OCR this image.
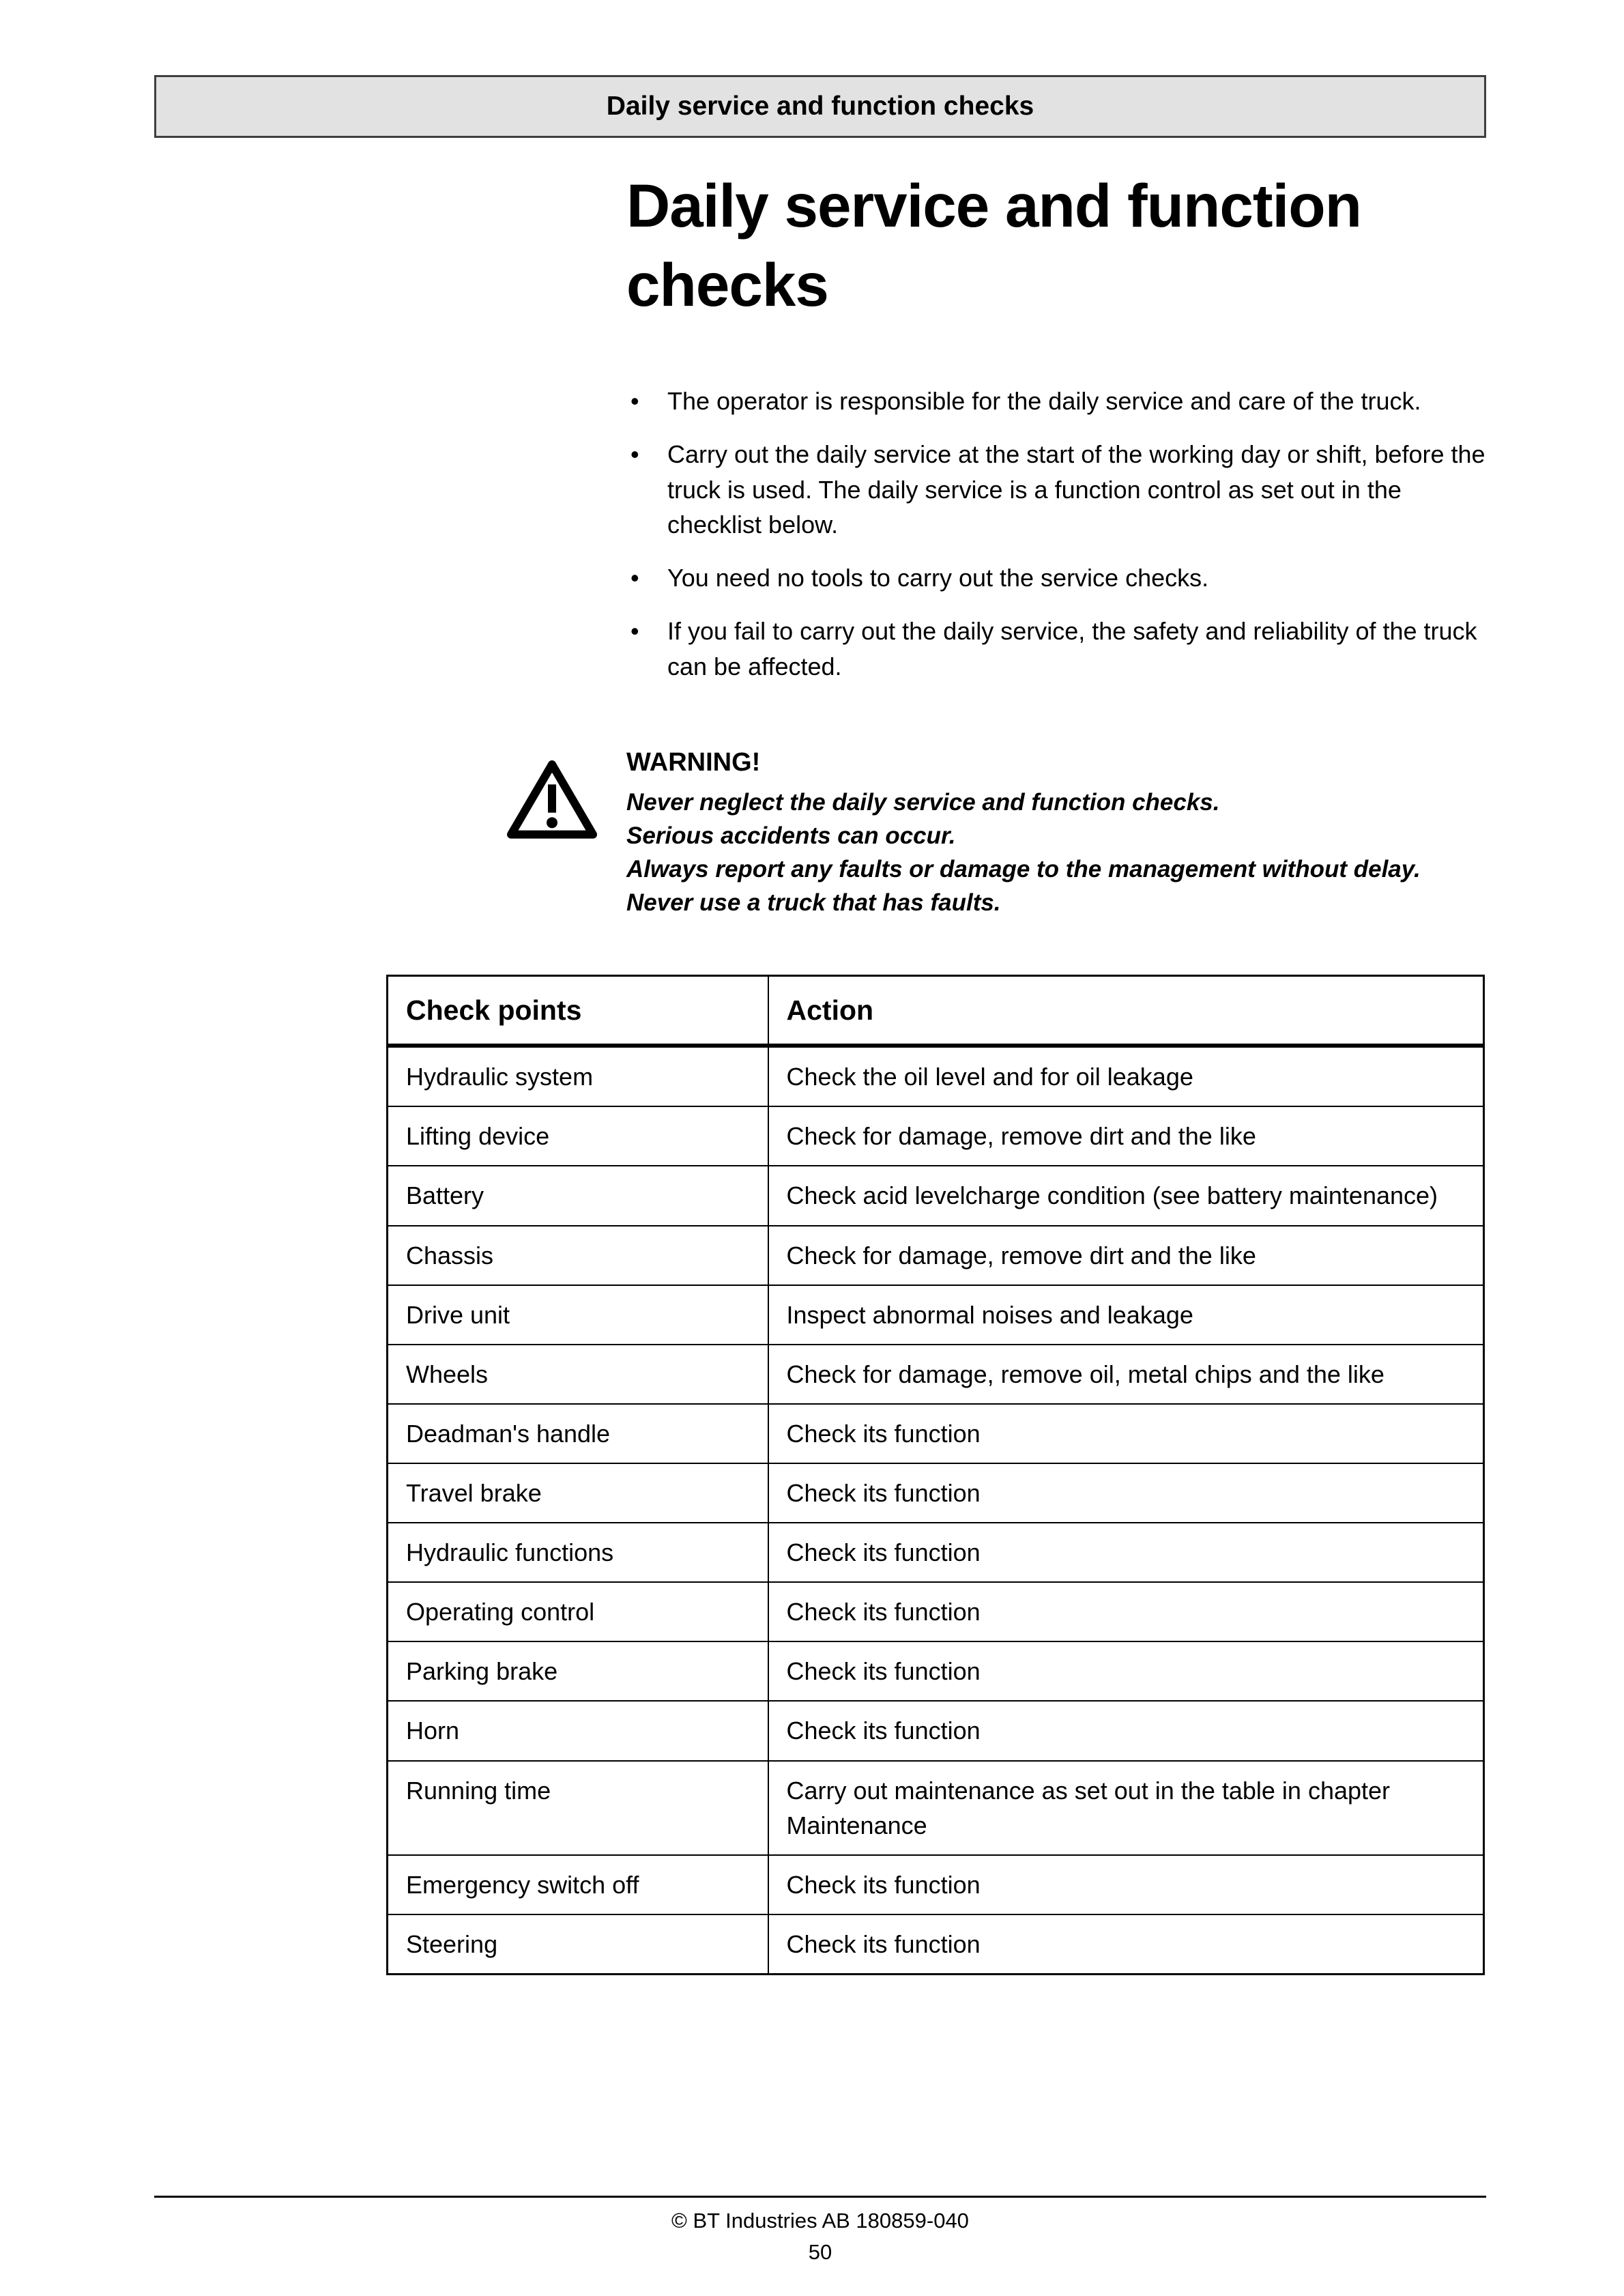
Daily service and function checks
Daily service and function checks
• The operator is responsible for the daily service and care of the truck.
• Carry out the daily service at the start of the working day or shift, before the truck is used. The daily service is a function control as set out in the checklist below.
• You need no tools to carry out the service checks.
• If you fail to carry out the daily service, the safety and reliability of the truck can be affected.
WARNING!
Never neglect the daily service and function checks.
Serious accidents can occur.
Always report any faults or damage to the management without delay. Never use a truck that has faults.
Check points	Action
Hydraulic system	Check the oil level and for oil leakage
Lifting device	Check for damage, remove dirt and the like
Battery	Check acid levelcharge condition (see battery maintenance)
Chassis	Check for damage, remove dirt and the like
Drive unit	Inspect abnormal noises and leakage
Wheels	Check for damage, remove oil, metal chips and the like
Deadman's handle	Check its function
Travel brake	Check its function
Hydraulic functions	Check its function
Operating control	Check its function
Parking brake	Check its function
Horn	Check its function
Running time	Carry out maintenance as set out in the table in chapter Maintenance
Emergency switch off	Check its function
Steering	Check its function
© BT Industries AB 180859-040
50
